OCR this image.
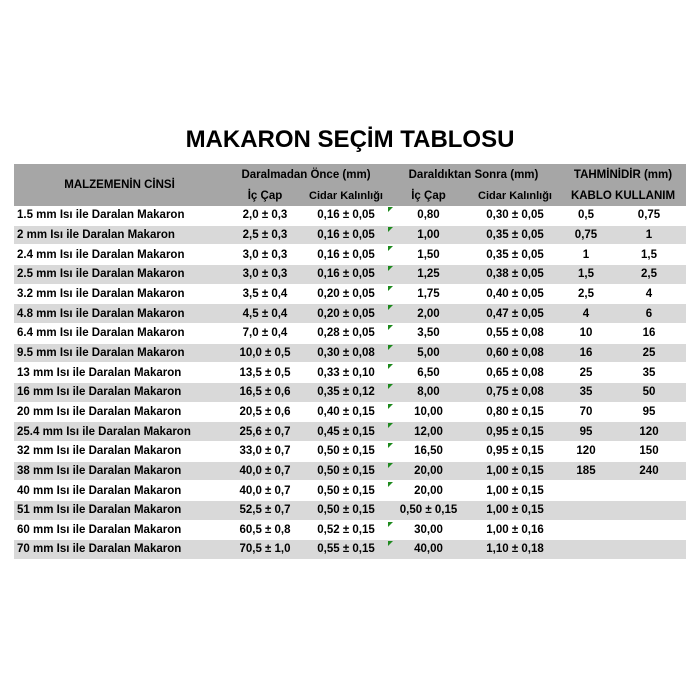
MAKARON SEÇİM TABLOSU
MALZEMENİN CİNSİ
Daralmadan Önce (mm)	Daraldıktan Sonra (mm)	TAHMİNİDİR (mm)
İç Çap	Cidar Kalınlığı	İç Çap	Cidar Kalınlığı	KABLO KULLANIM
1.5 mm Isı ile Daralan Makaron	2,0 ± 0,3	0,16 ± 0,05	0,80	0,30 ± 0,05	0,5	0,75
2 mm Isı ile Daralan Makaron	2,5 ± 0,3	0,16 ± 0,05	1,00	0,35 ± 0,05	0,75	1
2.4 mm Isı ile Daralan Makaron	3,0 ± 0,3	0,16 ± 0,05	1,50	0,35 ± 0,05	1	1,5
2.5 mm Isı ile Daralan Makaron	3,0 ± 0,3	0,16 ± 0,05	1,25	0,38 ± 0,05	1,5	2,5
3.2 mm Isı ile Daralan Makaron	3,5 ± 0,4	0,20 ± 0,05	1,75	0,40 ± 0,05	2,5	4
4.8 mm Isı ile Daralan Makaron	4,5 ± 0,4	0,20 ± 0,05	2,00	0,47 ± 0,05	4	6
6.4 mm Isı ile Daralan Makaron	7,0 ± 0,4	0,28 ± 0,05	3,50	0,55 ± 0,08	10	16
9.5 mm Isı ile Daralan Makaron	10,0 ± 0,5 0,30 ± 0,08	5,00	0,60 ± 0,08	16	25
13 mm Isı ile Daralan Makaron	13,5 ± 0,5 0,33 ± 0,10	6,50	0,65 ± 0,08	25	35
16 mm Isı ile Daralan Makaron	16,5 ± 0,6 0,35 ± 0,12	8,00	0,75 ± 0,08	35	50
20 mm Isı ile Daralan Makaron	20,5 ± 0,6 0,40 ± 0,15	10,00	0,80 ± 0,15	70	95
25.4 mm Isı ile Daralan Makaron	25,6 ± 0,7 0,45 ± 0,15	12,00	0,95 ± 0,15	95	120
32 mm Isı ile Daralan Makaron	33,0 ± 0,7 0,50 ± 0,15	16,50	0,95 ± 0,15	120	150
38 mm Isı ile Daralan Makaron	40,0 ± 0,7 0,50 ± 0,15	20,00	1,00 ± 0,15	185	240
40 mm Isı ile Daralan Makaron	40,0 ± 0,7 0,50 ± 0,15	20,00	1,00 ± 0,15
51 mm Isı ile Daralan Makaron	52,5 ± 0,7 0,50 ± 0,15 0,50 ± 0,15	1,00 ± 0,15
60 mm Isı ile Daralan Makaron	60,5 ± 0,8 0,52 ± 0,15	30,00	1,00 ± 0,16
70 mm Isı ile Daralan Makaron	70,5 ± 1,0 0,55 ± 0,15	40,00	1,10 ± 0,18
